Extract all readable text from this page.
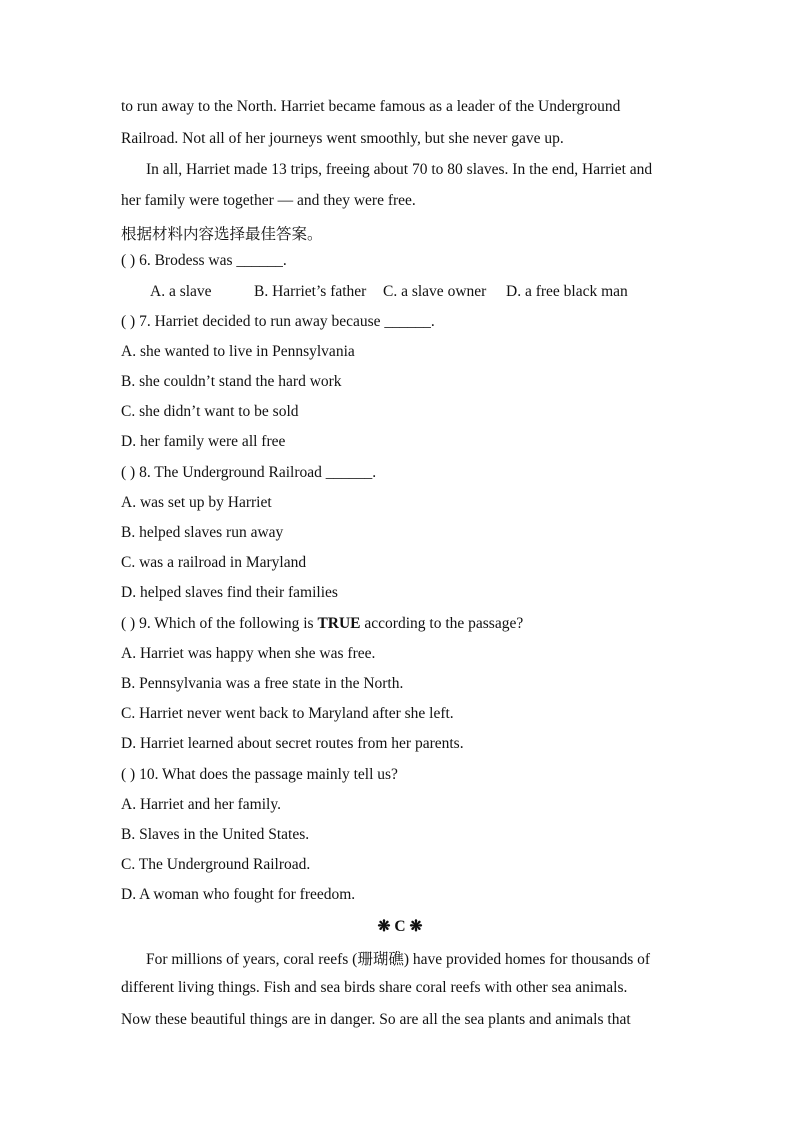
to run away to the North. Harriet became famous as a leader of the Underground
Railroad. Not all of her journeys went smoothly, but she never gave up.
In all, Harriet made 13 trips, freeing about 70 to 80 slaves. In the end, Harriet and
her family were together — and they were free.
根据材料内容选择最佳答案。
( ) 6. Brodess was ______.
A. a slave	B. Harriet’s father C. a slave owner D. a free black man
( ) 7. Harriet decided to run away because ______.
A. she wanted to live in Pennsylvania
B. she couldn’t stand the hard work
C. she didn’t want to be sold
D. her family were all free
( ) 8. The Underground Railroad ______.
A. was set up by Harriet
B. helped slaves run away
C. was a railroad in Maryland
D. helped slaves find their families
( ) 9. Which of the following is TRUE according to the passage?
A. Harriet was happy when she was free.
B. Pennsylvania was a free state in the North.
C. Harriet never went back to Maryland after she left.
D. Harriet learned about secret routes from her parents.
( ) 10. What does the passage mainly tell us?
A. Harriet and her family.
B. Slaves in the United States.
C. The Underground Railroad.
D. A woman who fought for freedom.
❋ C ❋
For millions of years, coral reefs (珊瑚礁) have provided homes for thousands of
different living things. Fish and sea birds share coral reefs with other sea animals.
Now these beautiful things are in danger. So are all the sea plants and animals that
